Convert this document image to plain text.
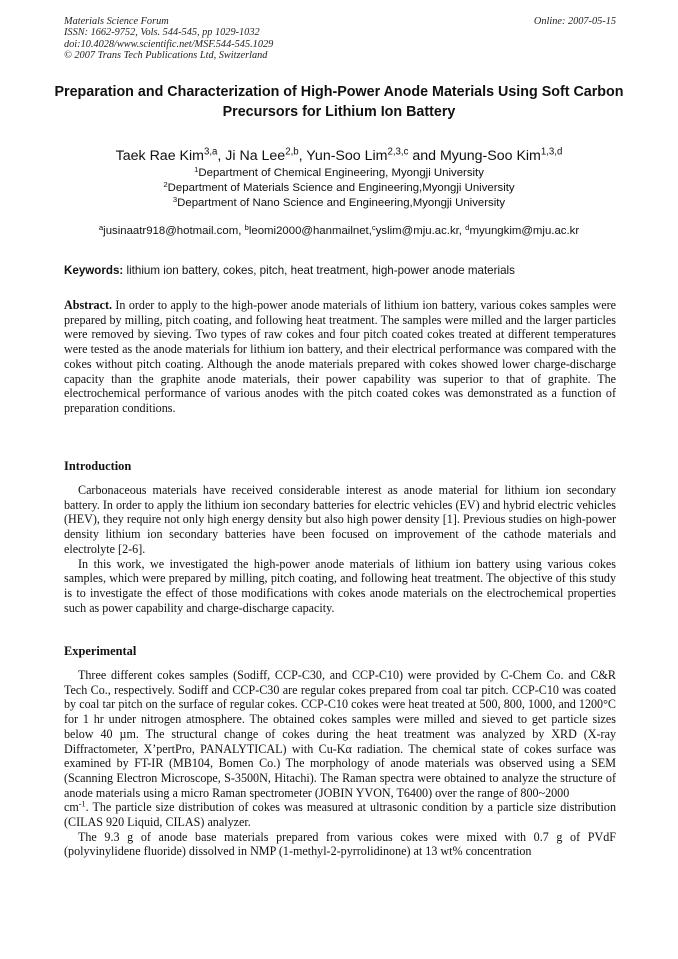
Materials Science Forum
ISSN: 1662-9752, Vols. 544-545, pp 1029-1032
doi:10.4028/www.scientific.net/MSF.544-545.1029
© 2007 Trans Tech Publications Ltd, Switzerland
Online: 2007-05-15
Preparation and Characterization of High-Power Anode Materials Using Soft Carbon Precursors for Lithium Ion Battery
Taek Rae Kim$^{3,a}$, Ji Na Lee$^{2,b}$, Yun-Soo Lim$^{2,3,c}$ and Myung-Soo Kim$^{1,3,d}$
$^1$Department of Chemical Engineering, Myongji University
$^2$Department of Materials Science and Engineering,Myongji University
$^3$Department of Nano Science and Engineering,Myongji University
$^a$jusinaatr918@hotmail.com, $^b$leomi2000@hanmailnet,$^c$yslim@mju.ac.kr, $^d$myungkim@mju.ac.kr
Keywords: lithium ion battery, cokes, pitch, heat treatment, high-power anode materials

Abstract. In order to apply to the high-power anode materials of lithium ion battery, various cokes samples were prepared by milling, pitch coating, and following heat treatment. The samples were milled and the larger particles were removed by sieving. Two types of raw cokes and four pitch coated cokes treated at different temperatures were tested as the anode materials for lithium ion battery, and their electrical performance was compared with the cokes without pitch coating. Although the anode materials prepared with cokes showed lower charge-discharge capacity than the graphite anode materials, their power capability was superior to that of graphite. The electrochemical performance of various anodes with the pitch coated cokes was demonstrated as a function of preparation conditions.

Introduction

Carbonaceous materials have received considerable interest as anode material for lithium ion secondary battery. In order to apply the lithium ion secondary batteries for electric vehicles (EV) and hybrid electric vehicles (HEV), they require not only high energy density but also high power density [1]. Previous studies on high-power density lithium ion secondary batteries have been focused on improvement of the cathode materials and electrolyte [2-6].

In this work, we investigated the high-power anode materials of lithium ion battery using various cokes samples, which were prepared by milling, pitch coating, and following heat treatment. The objective of this study is to investigate the effect of those modifications with cokes anode materials on the electrochemical properties such as power capability and charge-discharge capacity.

Experimental

Three different cokes samples (Sodiff, CCP-C30, and CCP-C10) were provided by C-Chem Co. and C&R Tech Co., respectively. Sodiff and CCP-C30 are regular cokes prepared from coal tar pitch. CCP-C10 was coated by coal tar pitch on the surface of regular cokes. CCP-C10 cokes were heat treated at 500, 800, 1000, and 1200°C for 1 hr under nitrogen atmosphere. The obtained cokes samples were milled and sieved to get particle sizes below 40 µm. The structural change of cokes during the heat treatment was analyzed by XRD (X-ray Diffractometer, X’pertPro, PANALYTICAL) with Cu-Kα radiation. The chemical state of cokes surface was examined by FT-IR (MB104, Bomen Co.) The morphology of anode materials was observed using a SEM (Scanning Electron Microscope, S-3500N, Hitachi). The Raman spectra were obtained to analyze the structure of anode materials using a micro Raman spectrometer (JOBIN YVON, T6400) over the range of 800~2000
$cm^{-1}$. The particle size distribution of cokes was measured at ultrasonic condition by a particle size distribution (CILAS 920 Liquid, CILAS) analyzer.

The 9.3 g of anode base materials prepared from various cokes were mixed with 0.7 g of PVdF (polyvinylidene fluoride) dissolved in NMP (1-methyl-2-pyrrolidinone) at 13 wt% concentration
